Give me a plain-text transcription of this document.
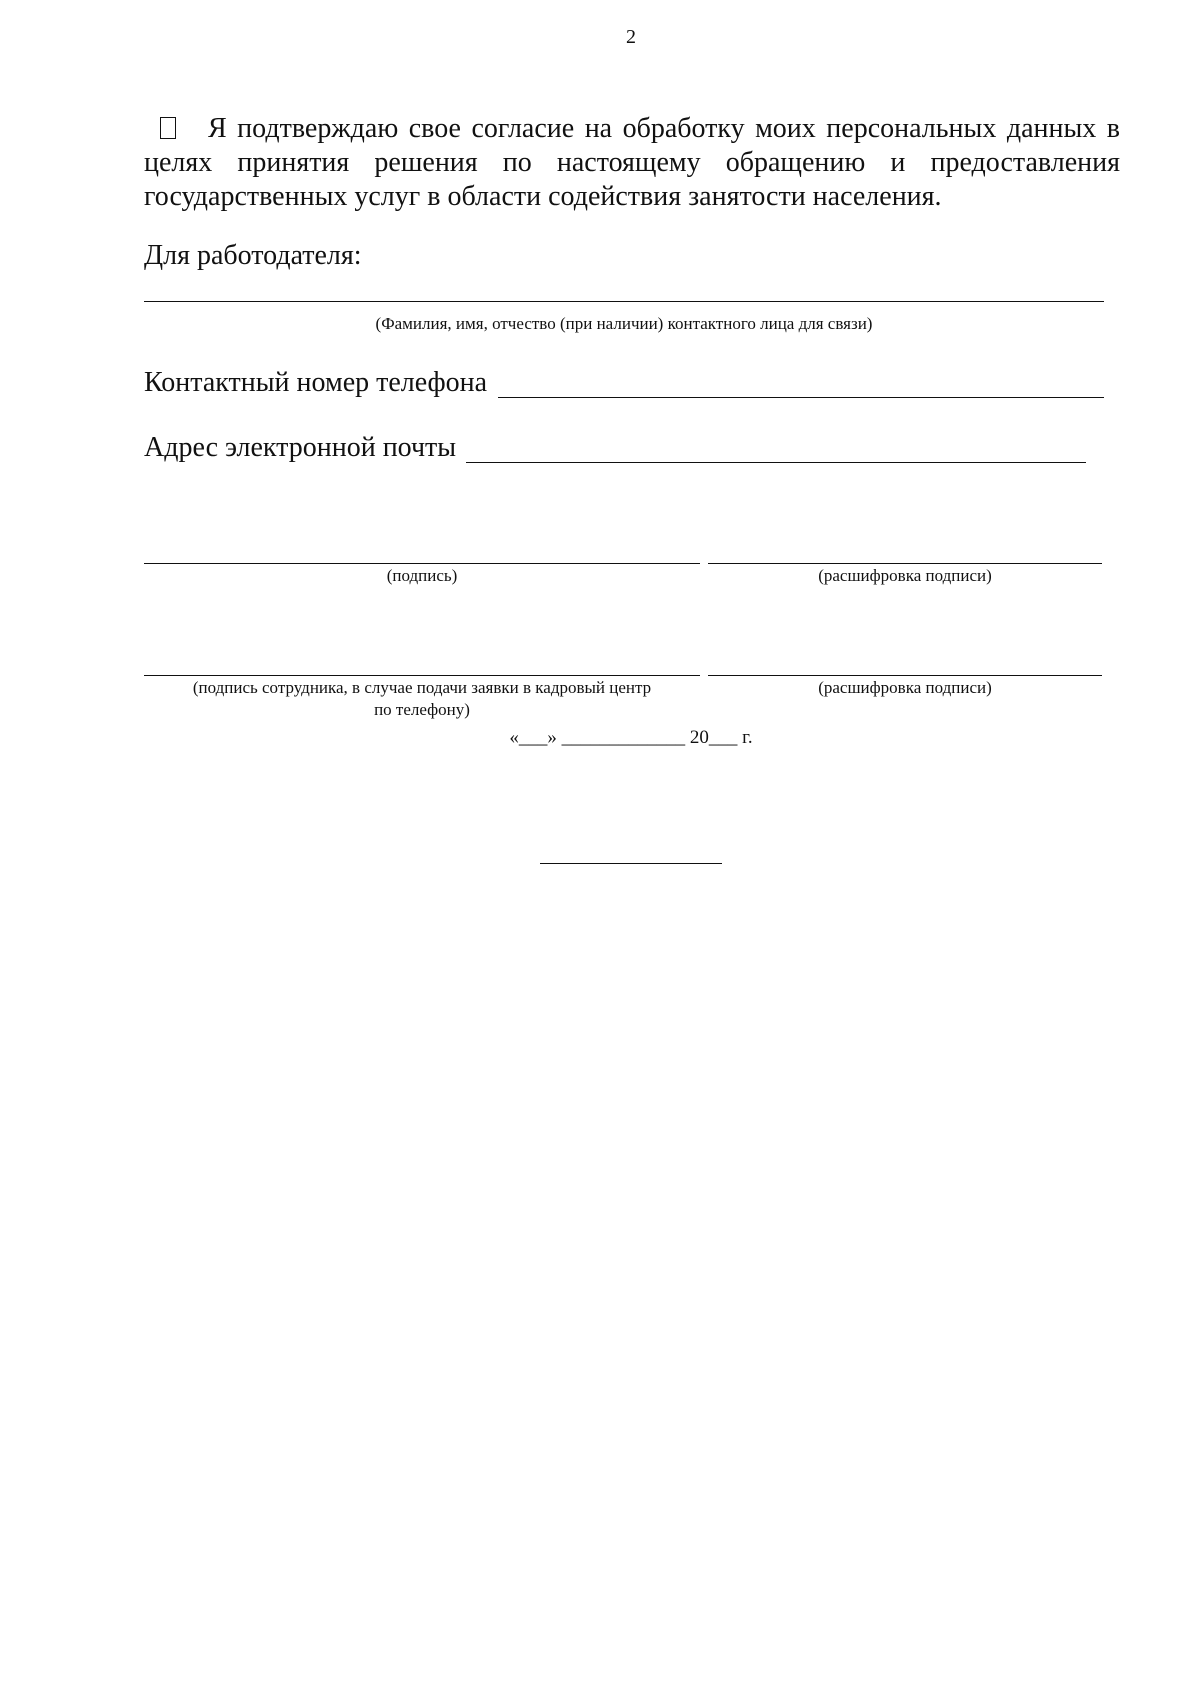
2
Я подтверждаю свое согласие на обработку моих персональных данных в целях принятия решения по настоящему обращению и предоставления государственных услуг в области содействия занятости населения.
Для работодателя:
(Фамилия, имя, отчество (при наличии) контактного лица для связи)
Контактный номер телефона
Адрес электронной почты
(подпись)	(расшифровка подписи)
(подпись сотрудника, в случае подачи заявки в кадровый центр
по телефону)
(расшифровка подписи)
«___» _____________ 20___ г.
